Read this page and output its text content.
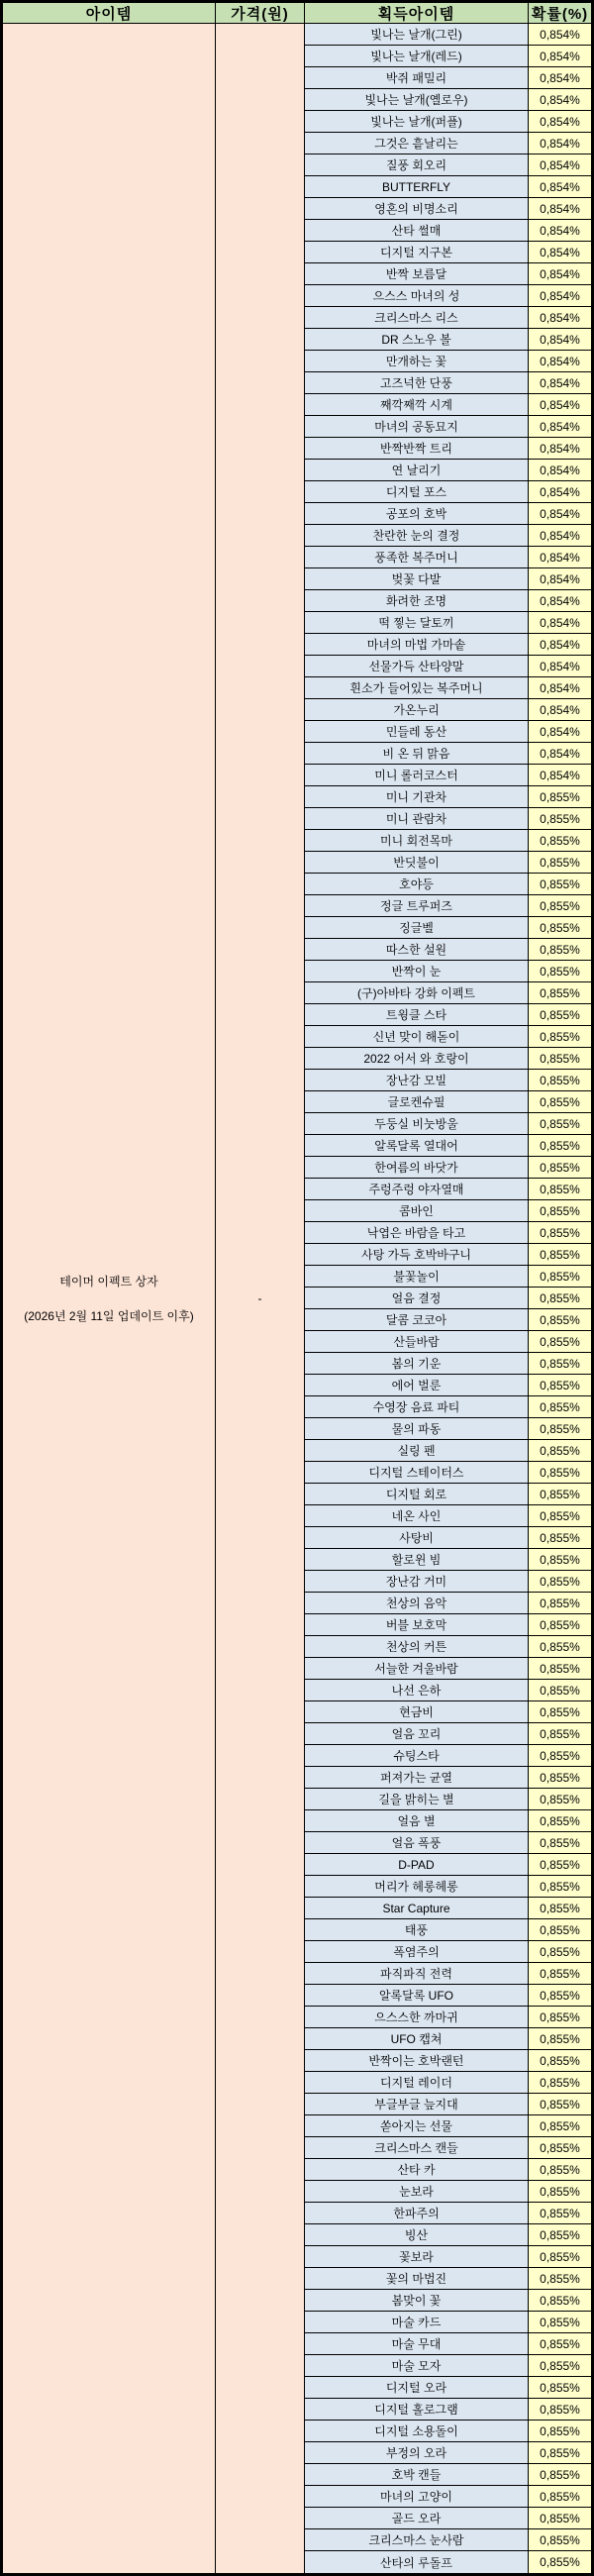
아이템	가격(원)	획득아이템	확률(%)
테이머 이펙트 상자
(2026년 2월 11일 업데이트 이후)
-
빛나는 날개(그린)	0,854%
빛나는 날개(레드)	0,854%
박쥐 패밀리	0,854%
빛나는 날개(옐로우)	0,854%
빛나는 날개(퍼플)	0,854%
그것은 흩날리는	0,854%
질풍 회오리	0,854%
BUTTERFLY	0,854%
영혼의 비명소리	0,854%
산타 썰매	0,854%
디지털 지구본	0,854%
반짝 보름달	0,854%
으스스 마녀의 성	0,854%
크리스마스 리스	0,854%
DR 스노우 볼	0,854%
만개하는 꽃	0,854%
고즈넉한 단풍	0,854%
째깍째깍 시계	0,854%
마녀의 공동묘지	0,854%
반짝반짝 트리	0,854%
연 날리기	0,854%
디지털 포스	0,854%
공포의 호박	0,854%
찬란한 눈의 결정	0,854%
풍족한 복주머니	0,854%
벚꽃 다발	0,854%
화려한 조명	0,854%
떡 찧는 달토끼	0,854%
마녀의 마법 가마솥	0,854%
선물가득 산타양말	0,854%
흰소가 들어있는 복주머니	0,854%
가온누리	0,854%
민들레 동산	0,854%
비 온 뒤 맑음	0,854%
미니 롤러코스터	0,854%
미니 기관차	0,855%
미니 관람차	0,855%
미니 회전목마	0,855%
반딧불이	0,855%
호야등	0,855%
정글 트루퍼즈	0,855%
징글벨	0,855%
따스한 설원	0,855%
반짝이 눈	0,855%
(구)아바타 강화 이펙트	0,855%
트윙클 스타	0,855%
신년 맞이 해돋이	0,855%
2022 어서 와 호랑이	0,855%
장난감 모빌	0,855%
글로켄슈필	0,855%
두둥실 비눗방울	0,855%
알록달록 열대어	0,855%
한여름의 바닷가	0,855%
주렁주렁 야자열매	0,855%
콤바인	0,855%
낙엽은 바람을 타고	0,855%
사탕 가득 호박바구니	0,855%
불꽃놀이	0,855%
얼음 결정	0,855%
달콤 코코아	0,855%
산들바람	0,855%
봄의 기운	0,855%
에어 벌룬	0,855%
수영장 음료 파티	0,855%
물의 파동	0,855%
실링 펜	0,855%
디지털 스테이터스	0,855%
디지털 회로	0,855%
네온 사인	0,855%
사탕비	0,855%
할로윈 빔	0,855%
장난감 거미	0,855%
천상의 음악	0,855%
버블 보호막	0,855%
천상의 커튼	0,855%
서늘한 겨울바람	0,855%
나선 은하	0,855%
현금비	0,855%
얼음 꼬리	0,855%
슈팅스타	0,855%
퍼져가는 균열	0,855%
길을 밝히는 별	0,855%
얼음 별	0,855%
얼음 폭풍	0,855%
D-PAD	0,855%
머리가 헤롱헤롱	0,855%
Star Capture	0,855%
태풍	0,855%
폭염주의	0,855%
파직파직 전력	0,855%
알록달록 UFO	0,855%
으스스한 까마귀	0,855%
UFO 캡쳐	0,855%
반짝이는 호박랜턴	0,855%
디지털 레이더	0,855%
부글부글 늪지대	0,855%
쏟아지는 선물	0,855%
크리스마스 캔들	0,855%
산타 카	0,855%
눈보라	0,855%
한파주의	0,855%
빙산	0,855%
꽃보라	0,855%
꽃의 마법진	0,855%
봄맞이 꽃	0,855%
마술 카드	0,855%
마술 무대	0,855%
마술 모자	0,855%
디지털 오라	0,855%
디지털 홀로그램	0,855%
디지털 소용돌이	0,855%
부정의 오라	0,855%
호박 캔들	0,855%
마녀의 고양이	0,855%
골드 오라	0,855%
크리스마스 눈사람	0,855%
산타의 루돌프	0,855%
